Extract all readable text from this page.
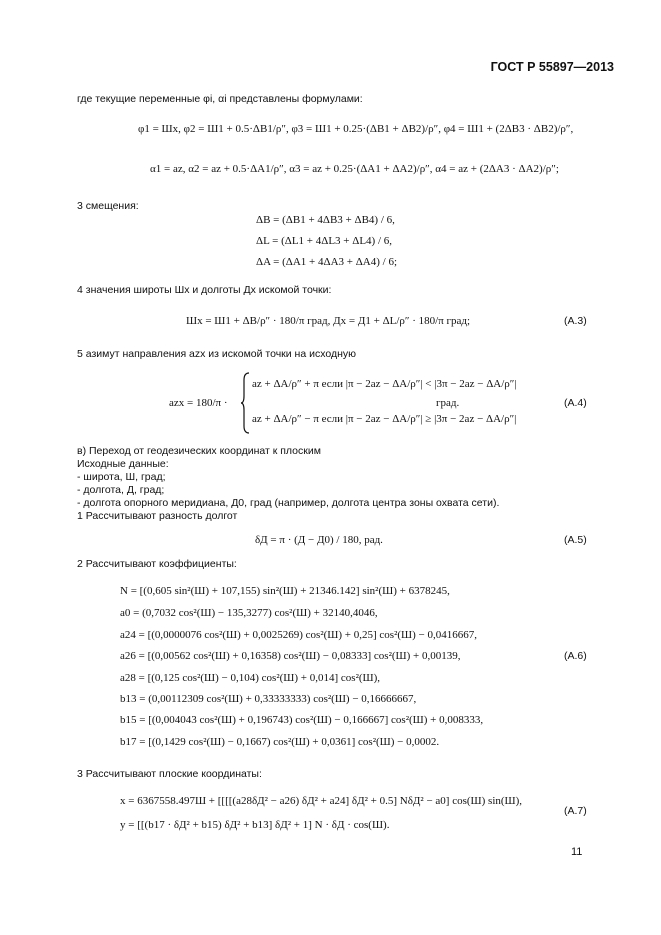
ГОСТ Р 55897—2013
где текущие переменные φi, αi представлены формулами:
φ1 = Шх, φ2 = Ш1 + 0.5·ΔB1/ρ″, φ3 = Ш1 + 0.25·(ΔB1 + ΔB2)/ρ″, φ4 = Ш1 + (2ΔB3 · ΔB2)/ρ″,
α1 = az, α2 = az + 0.5·ΔA1/ρ″, α3 = az + 0.25·(ΔA1 + ΔA2)/ρ″, α4 = az + (2ΔA3 · ΔA2)/ρ″;
3 смещения:
ΔB = (ΔB1 + 4ΔB3 + ΔB4) / 6,
ΔL = (ΔL1 + 4ΔL3 + ΔL4) / 6,
ΔA = (ΔA1 + 4ΔA3 + ΔA4) / 6;
4 значения широты Шх и долготы Дх искомой точки:
Шх = Ш1 + ΔB/ρ″ · 180/π град, Дх = Д1 + ΔL/ρ″ · 180/π град;	(А.3)
5 азимут направления azх из искомой точки на исходную
azх = 180/π ·
az + ΔA/ρ″ + π если |π − 2az − ΔA/ρ″| < |3π − 2az − ΔA/ρ″|
az + ΔA/ρ″ − π если |π − 2az − ΔA/ρ″| ≥ |3π − 2az − ΔA/ρ″|
град.	(А.4)
в) Переход от геодезических координат к плоским
Исходные данные:
- широта, Ш, град;
- долгота, Д, град;
- долгота опорного меридиана, Д0, град (например, долгота центра зоны охвата сети).
1 Рассчитывают разность долгот
δД = π · (Д − Д0) / 180, рад.	(А.5)
2 Рассчитывают коэффициенты:
N = [(0,605 sin²(Ш) + 107,155) sin²(Ш) + 21346.142] sin²(Ш) + 6378245,
a0 = (0,7032 cos²(Ш) − 135,3277) cos²(Ш) + 32140,4046,
a24 = [(0,0000076 cos²(Ш) + 0,0025269) cos²(Ш) + 0,25] cos²(Ш) − 0,0416667,
a26 = [(0,00562 cos²(Ш) + 0,16358) cos²(Ш) − 0,08333] cos²(Ш) + 0,00139,
a28 = [(0,125 cos²(Ш) − 0,104) cos²(Ш) + 0,014] cos²(Ш),
b13 = (0,00112309 cos²(Ш) + 0,33333333) cos²(Ш) − 0,16666667,
b15 = [(0,004043 cos²(Ш) + 0,196743) cos²(Ш) − 0,166667] cos²(Ш) + 0,008333,
b17 = [(0,1429 cos²(Ш) − 0,1667) cos²(Ш) + 0,0361] cos²(Ш) − 0,0002.
(А.6)
3 Рассчитывают плоские координаты:
x = 6367558.497Ш + [[[[(a28δД² − a26) δД² + a24] δД² + 0.5] NδД² − a0] cos(Ш) sin(Ш),
y = [[(b17 · δД² + b15) δД² + b13] δД² + 1] N · δД · cos(Ш).
(А.7)
11
